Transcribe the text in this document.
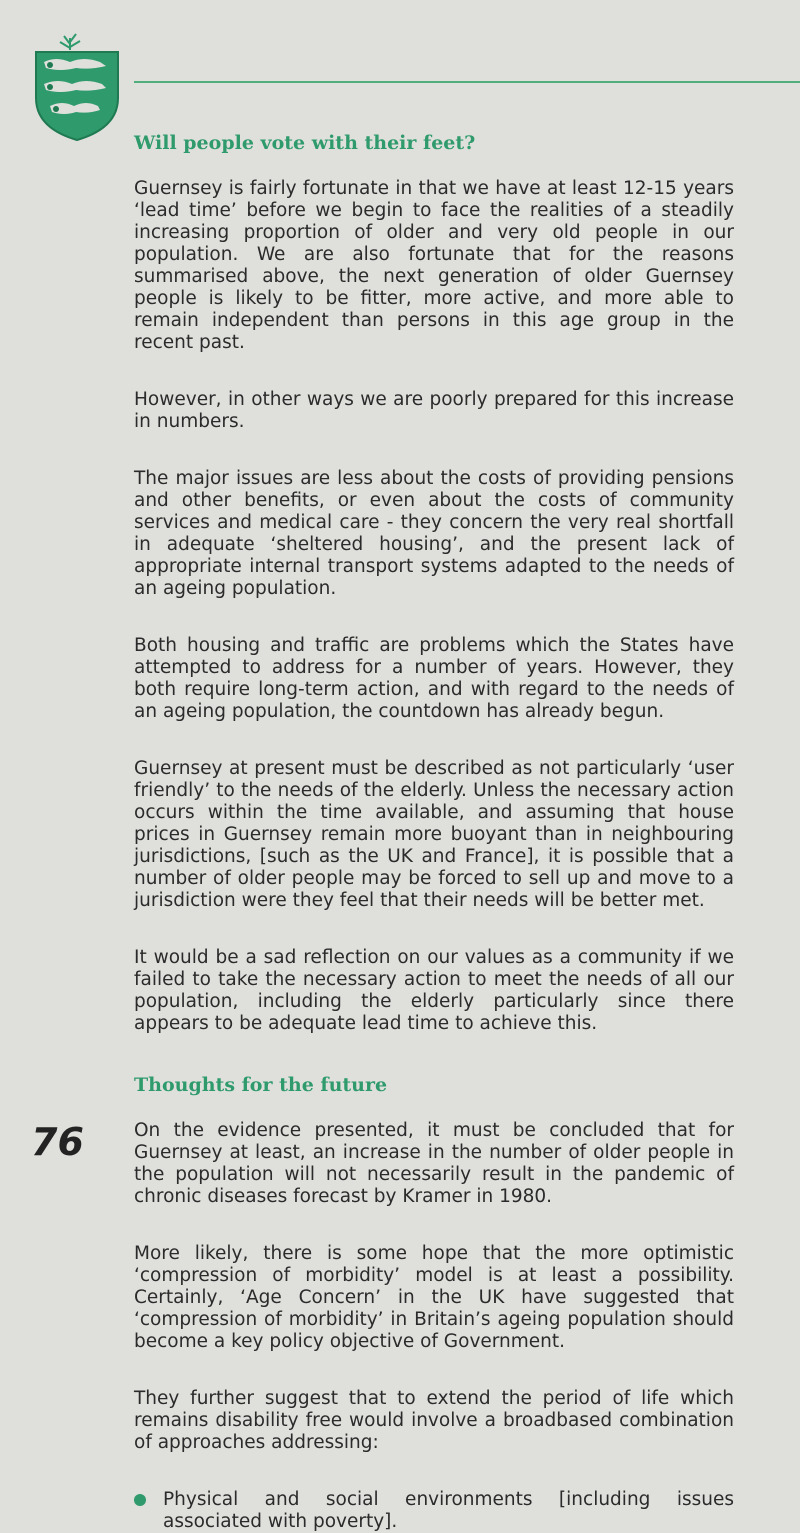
Will people vote with their feet?

Guernsey is fairly fortunate in that we have at least 12-15 years ‘lead time’ before we begin to face the realities of a steadily increasing proportion of older and very old people in our population. We are also fortunate that for the reasons summarised above, the next generation of older Guernsey people is likely to be fitter, more active, and more able to remain independent than persons in this age group in the recent past.

However, in other ways we are poorly prepared for this increase in numbers.

The major issues are less about the costs of providing pensions and other benefits, or even about the costs of community services and medical care - they concern the very real shortfall in adequate ‘sheltered housing’, and the present lack of appropriate internal transport systems adapted to the needs of an ageing population.

Both housing and traffic are problems which the States have attempted to address for a number of years. However, they both require long-term action, and with regard to the needs of an ageing population, the countdown has already begun.

Guernsey at present must be described as not particularly ‘user friendly’ to the needs of the elderly. Unless the necessary action occurs within the time available, and assuming that house prices in Guernsey remain more buoyant than in neighbouring jurisdictions, [such as the UK and France], it is possible that a number of older people may be forced to sell up and move to a jurisdiction were they feel that their needs will be better met.

It would be a sad reflection on our values as a community if we failed to take the necessary action to meet the needs of all our population, including the elderly particularly since there appears to be adequate lead time to achieve this.

Thoughts for the future

On the evidence presented, it must be concluded that for Guernsey at least, an increase in the number of older people in the population will not necessarily result in the pandemic of chronic diseases forecast by Kramer in 1980.

More likely, there is some hope that the more optimistic ‘compression of morbidity’ model is at least a possibility. Certainly, ‘Age Concern’ in the UK have suggested that ‘compression of morbidity’ in Britain’s ageing population should become a key policy objective of Government.

They further suggest that to extend the period of life which remains disability free would involve a broadbased combination of approaches addressing:

Physical and social environments [including issues associated with poverty].
76
